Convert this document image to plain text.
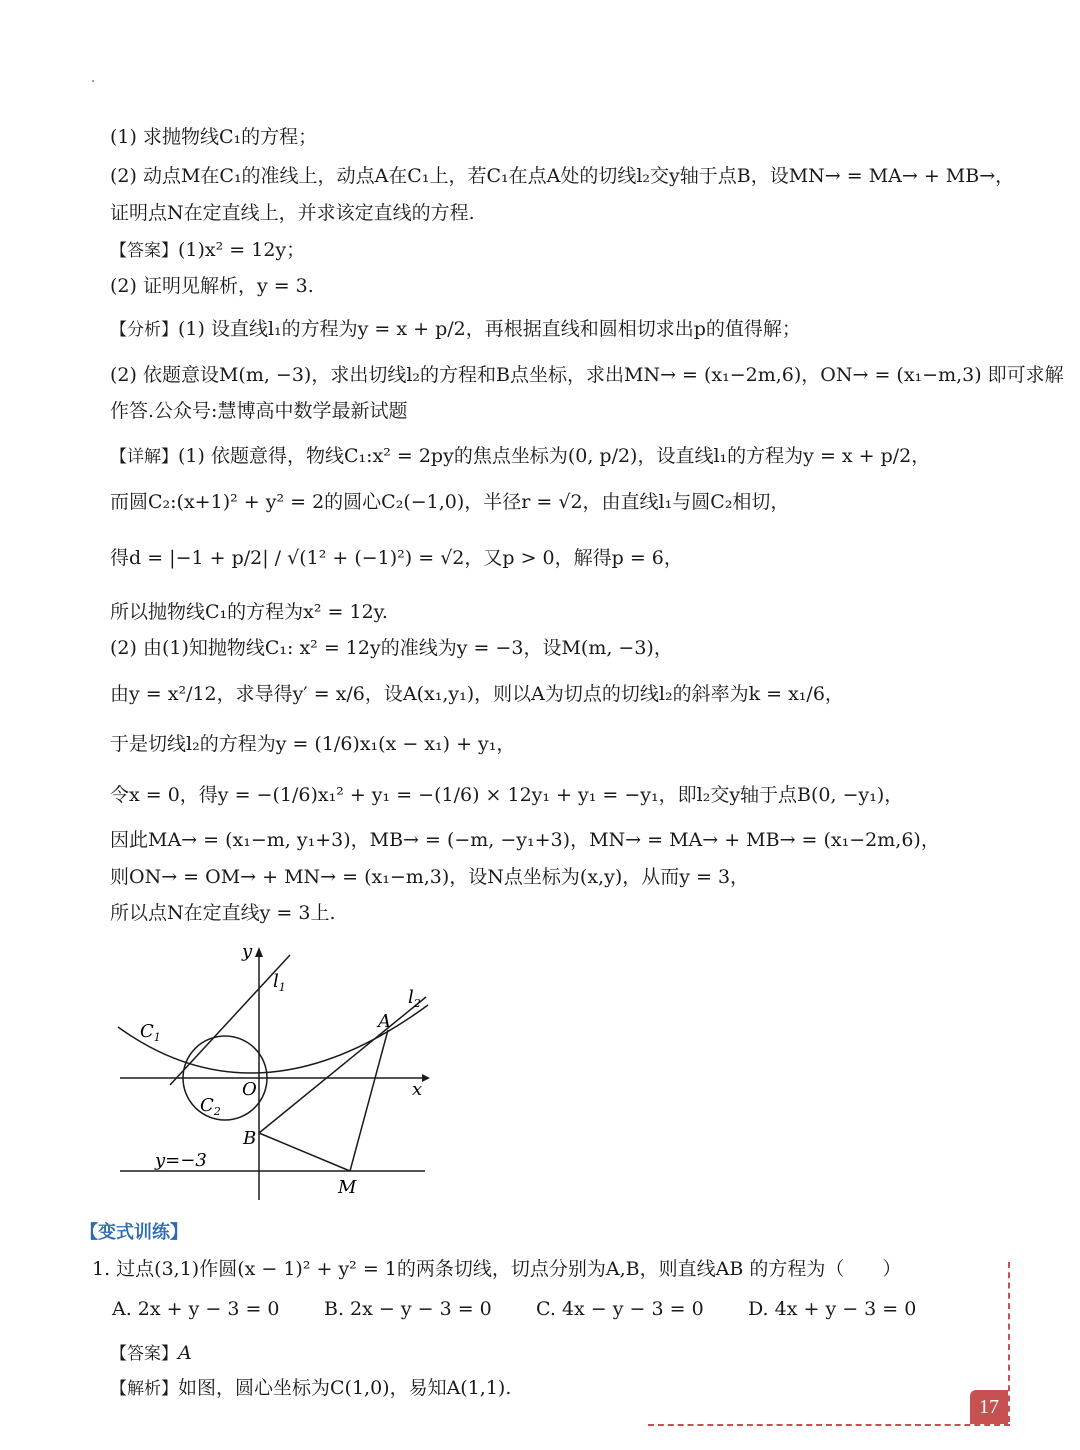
(1) 求抛物线C₁的方程；
(2) 动点M在C₁的准线上，动点A在C₁上，若C₁在点A处的切线l₂交y轴于点B，设MN→ = MA→ + MB→，
证明点N在定直线上，并求该定直线的方程.
【答案】(1)x² = 12y；
(2) 证明见解析，y = 3.
【分析】(1) 设直线l₁的方程为y = x + p/2，再根据直线和圆相切求出p的值得解；
(2) 依题意设M(m, −3)，求出切线l₂的方程和B点坐标，求出MN→ = (x₁−2m,6)，ON→ = (x₁−m,3) 即可求解
作答.公众号:慧博高中数学最新试题
【详解】(1) 依题意得，物线C₁:x² = 2py的焦点坐标为(0, p/2)，设直线l₁的方程为y = x + p/2，
而圆C₂:(x+1)² + y² = 2的圆心C₂(−1,0)，半径r = √2，由直线l₁与圆C₂相切，
得d = |−1 + p/2| / √(1² + (−1)²) = √2，又p > 0，解得p = 6，
所以抛物线C₁的方程为x² = 12y.
(2) 由(1)知抛物线C₁: x² = 12y的准线为y = −3，设M(m, −3)，
由y = x²/12，求导得y′ = x/6，设A(x₁,y₁)，则以A为切点的切线l₂的斜率为k = x₁/6，
于是切线l₂的方程为y = (1/6)x₁(x − x₁) + y₁，
令x = 0，得y = −(1/6)x₁² + y₁ = −(1/6) × 12y₁ + y₁ = −y₁，即l₂交y轴于点B(0, −y₁)，
因此MA→ = (x₁−m, y₁+3)，MB→ = (−m, −y₁+3)，MN→ = MA→ + MB→ = (x₁−2m,6)，
则ON→ = OM→ + MN→ = (x₁−m,3)，设N点坐标为(x,y)，从而y = 3，
所以点N在定直线y = 3上.
y
x
$l_1$	$l_2$
$C_1$
$C_2$
O
A
B
M
y=−3
【变式训练】
1. 过点(3,1)作圆(x − 1)² + y² = 1的两条切线，切点分别为A,B，则直线AB 的方程为（　　）
A. 2x + y − 3 = 0 B. 2x − y − 3 = 0 C. 4x − y − 3 = 0 D. 4x + y − 3 = 0
【答案】A
【解析】如图，圆心坐标为C(1,0)，易知A(1,1).
17
